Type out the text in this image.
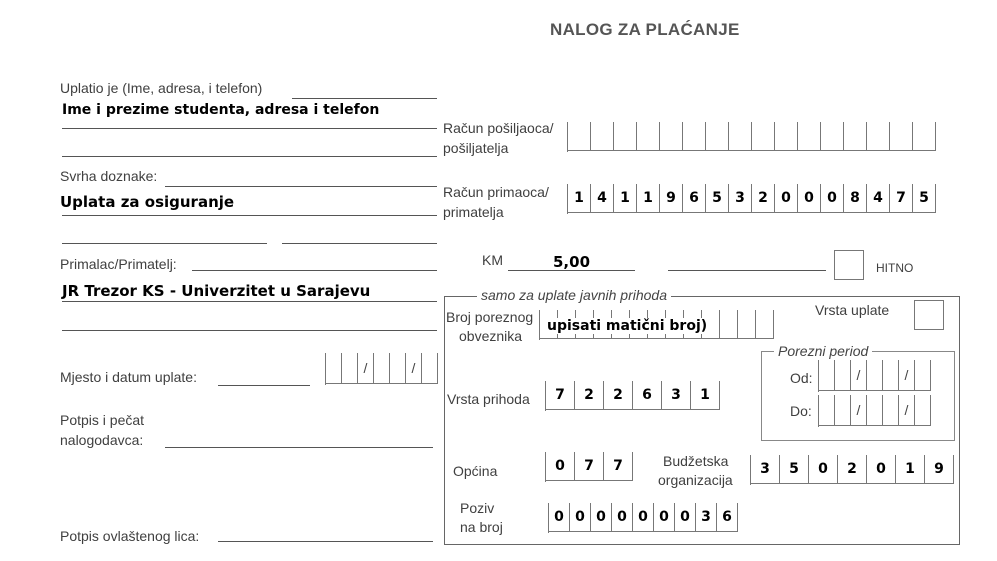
NALOG ZA PLAĆANJE
Uplatio je (Ime, adresa, i telefon)
Ime i prezime studenta, adresa i telefon
Svrha doznake:
Uplata za osiguranje
Primalac/Primatelj:
JR Trezor KS - Univerzitet u Sarajevu
Mjesto i datum uplate:
/	/
Potpis i pečat
nalogodavca:
Potpis ovlaštenog lica:
Račun pošiljaoca/
pošiljatelja
Račun primaoca/
primatelja
1 4 1 1 9 6 5 3 2 0 0 0 8 4 7 5
KM	5,00	HITNO
samo za uplate javnih prihoda
Broj poreznog
obveznika
upisati matični broj)
Vrsta uplate
Porezni period
Od:	/	/
Do:	/	/
Vrsta prihoda	7	2	2	6	3	1
Općina	0	7	7	Budžetska
organizacija
3	5	0	2	0	1	9
Poziv
na broj
0 0 0 0 0 0 0 3 6
